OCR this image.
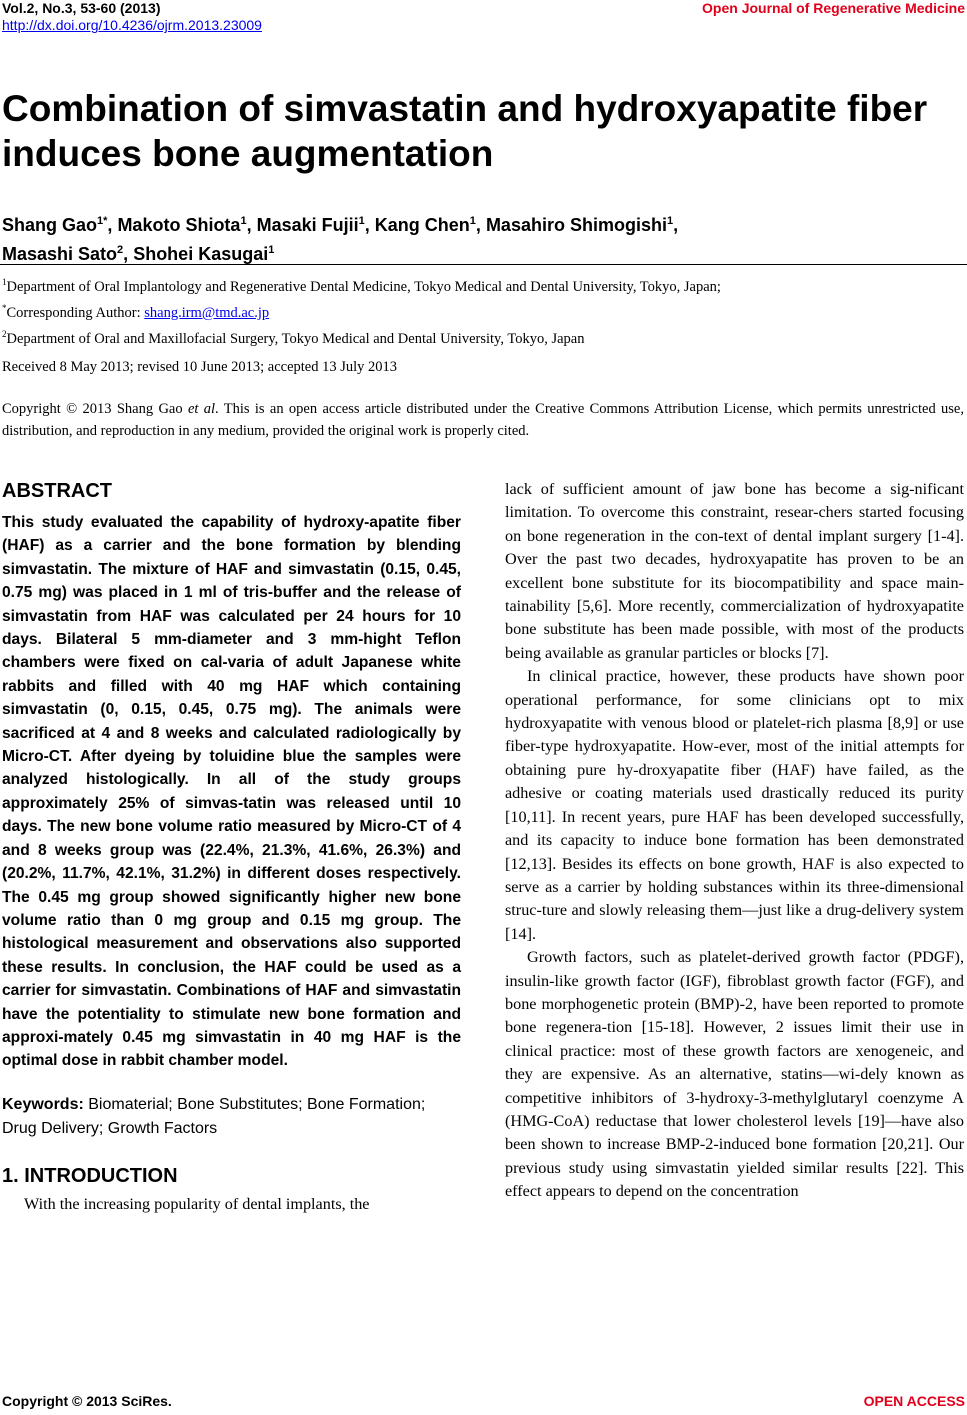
Vol.2, No.3, 53-60 (2013)
http://dx.doi.org/10.4236/ojrm.2013.23009
Open Journal of Regenerative Medicine
Combination of simvastatin and hydroxyapatite fiber
induces bone augmentation
Shang Gao$^{1*}$, Makoto Shiota$^1$, Masaki Fujii$^1$, Kang Chen$^1$, Masahiro Shimogishi$^1$,
Masashi Sato$^2$, Shohei Kasugai$^1$
$^1$Department of Oral Implantology and Regenerative Dental Medicine, Tokyo Medical and Dental University, Tokyo, Japan;
*Corresponding Author: shang.irm@tmd.ac.jp
$^2$Department of Oral and Maxillofacial Surgery, Tokyo Medical and Dental University, Tokyo, Japan
Received 8 May 2013; revised 10 June 2013; accepted 13 July 2013
Copyright © 2013 Shang Gao et al. This is an open access article distributed under the Creative Commons Attribution License, which permits unrestricted use, distribution, and reproduction in any medium, provided the original work is properly cited.
ABSTRACT

This study evaluated the capability of hydroxy-apatite fiber (HAF) as a carrier and the bone formation by blending simvastatin. The mixture of HAF and simvastatin (0.15, 0.45, 0.75 mg) was placed in 1 ml of tris-buffer and the release of simvastatin from HAF was calculated per 24 hours for 10 days. Bilateral 5 mm-diameter and 3 mm-hight Teflon chambers were fixed on cal-varia of adult Japanese white rabbits and filled with 40 mg HAF which containing simvastatin (0, 0.15, 0.45, 0.75 mg). The animals were sacrificed at 4 and 8 weeks and calculated radiologically by Micro-CT. After dyeing by toluidine blue the samples were analyzed histologically. In all of the study groups approximately 25% of simvas-tatin was released until 10 days. The new bone volume ratio measured by Micro-CT of 4 and 8 weeks group was (22.4%, 21.3%, 41.6%, 26.3%) and (20.2%, 11.7%, 42.1%, 31.2%) in different doses respectively. The 0.45 mg group showed significantly higher new bone volume ratio than 0 mg group and 0.15 mg group. The histological measurement and observations also supported these results. In conclusion, the HAF could be used as a carrier for simvastatin. Combinations of HAF and simvastatin have the potentiality to stimulate new bone formation and approxi-mately 0.45 mg simvastatin in 40 mg HAF is the optimal dose in rabbit chamber model.

Keywords: Biomaterial; Bone Substitutes; Bone Formation; Drug Delivery; Growth Factors

1. INTRODUCTION

With the increasing popularity of dental implants, the

lack of sufficient amount of jaw bone has become a sig-nificant limitation. To overcome this constraint, resear-chers started focusing on bone regeneration in the con-text of dental implant surgery [1-4]. Over the past two decades, hydroxyapatite has proven to be an excellent bone substitute for its biocompatibility and space main-tainability [5,6]. More recently, commercialization of hydroxyapatite bone substitute has been made possible, with most of the products being available as granular particles or blocks [7].

In clinical practice, however, these products have shown poor operational performance, for some clinicians opt to mix hydroxyapatite with venous blood or platelet-rich plasma [8,9] or use fiber-type hydroxyapatite. How-ever, most of the initial attempts for obtaining pure hy-droxyapatite fiber (HAF) have failed, as the adhesive or coating materials used drastically reduced its purity [10,11]. In recent years, pure HAF has been developed successfully, and its capacity to induce bone formation has been demonstrated [12,13]. Besides its effects on bone growth, HAF is also expected to serve as a carrier by holding substances within its three-dimensional struc-ture and slowly releasing them—just like a drug-delivery system [14].

Growth factors, such as platelet-derived growth factor (PDGF), insulin-like growth factor (IGF), fibroblast growth factor (FGF), and bone morphogenetic protein (BMP)-2, have been reported to promote bone regenera-tion [15-18]. However, 2 issues limit their use in clinical practice: most of these growth factors are xenogeneic, and they are expensive. As an alternative, statins—wi-dely known as competitive inhibitors of 3-hydroxy-3-methylglutaryl coenzyme A (HMG-CoA) reductase that lower cholesterol levels [19]—have also been shown to increase BMP-2-induced bone formation [20,21]. Our previous study using simvastatin yielded similar results [22]. This effect appears to depend on the concentration

Copyright © 2013 SciRes.	OPEN ACCESS
